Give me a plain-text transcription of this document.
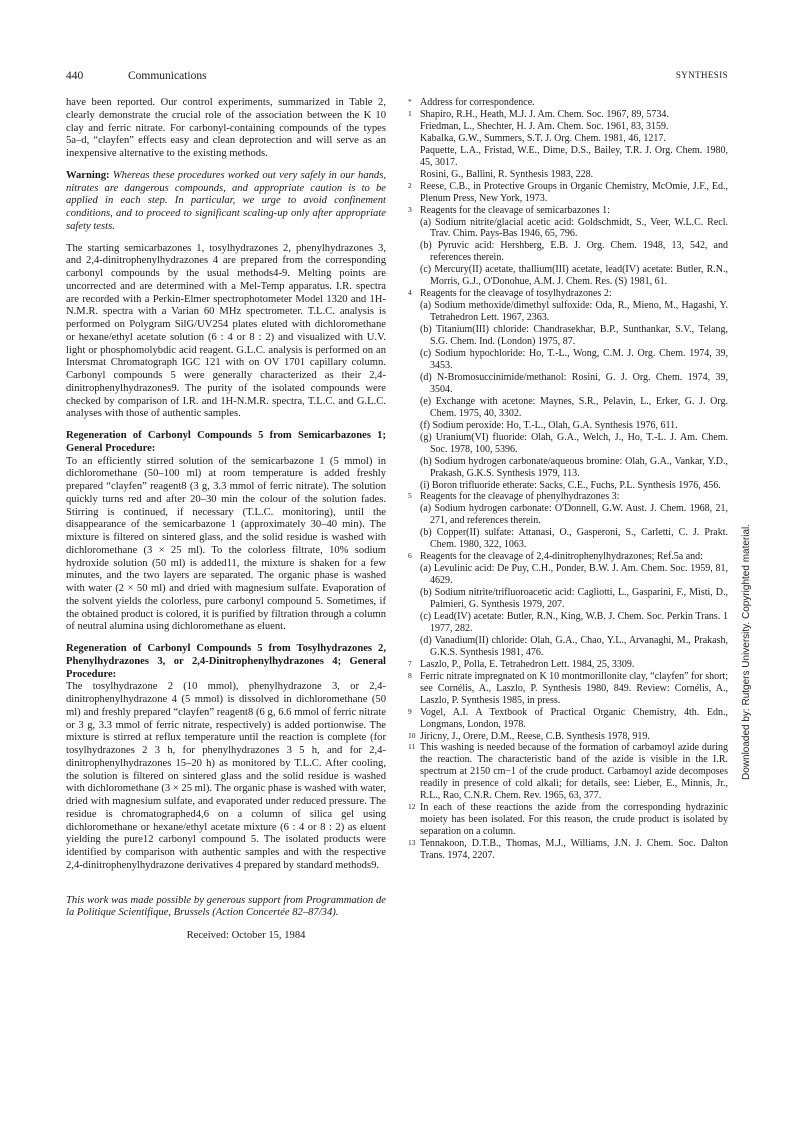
440	Communications	SYNTHESIS

have been reported. Our control experiments, summarized in Table 2, clearly demonstrate the crucial role of the association between the K 10 clay and ferric nitrate. For carbonyl-containing compounds of the types 5a–d, “clayfen” effects easy and clean deprotection and will serve as an inexpensive alternative to the existing methods.

Warning: Whereas these procedures worked out very safely in our hands, nitrates are dangerous compounds, and appropriate caution is to be applied in each step. In particular, we urge to avoid confinement conditions, and to proceed to significant scaling-up only after appropriate safety tests.

The starting semicarbazones 1, tosylhydrazones 2, phenylhydrazones 3, and 2,4-dinitrophenylhydrazones 4 are prepared from the corresponding carbonyl compounds by the usual methods4-9. Melting points are uncorrected and are determined with a Mel-Temp apparatus. I.R. spectra are recorded with a Perkin-Elmer spectrophotometer Model 1320 and 1H-N.M.R. spectra with a Varian 60 MHz spectrometer. T.L.C. analysis is performed on Polygram SilG/UV254 plates eluted with dichloromethane or hexane/ethyl acetate solution (6 : 4 or 8 : 2) and visualized with U.V. light or phosphomolybdic acid reagent. G.L.C. analysis is performed on an Intersmat Chromatograph IGC 121 with on OV 1701 capillary column. Carbonyl compounds 5 were generally characterized as their 2,4-dinitrophenylhydrazones9. The purity of the isolated compounds were checked by comparison of I.R. and 1H-N.M.R. spectra, T.L.C. and G.L.C. analyses with those of authentic samples.

Regeneration of Carbonyl Compounds 5 from Semicarbazones 1; General Procedure:

To an efficiently stirred solution of the semicarbazone 1 (5 mmol) in dichloromethane (50–100 ml) at room temperature is added freshly prepared “clayfen” reagent8 (3 g, 3.3 mmol of ferric nitrate). The solution quickly turns red and after 20–30 min the colour of the solution fades. Stirring is continued, if necessary (T.L.C. monitoring), until the disappearance of the semicarbazone 1 (approximately 30–40 min). The mixture is filtered on sintered glass, and the solid residue is washed with dichloromethane (3 × 25 ml). To the colorless filtrate, 10% sodium hydroxide solution (50 ml) is added11, the mixture is shaken for a few minutes, and the two layers are separated. The organic phase is washed with water (2 × 50 ml) and dried with magnesium sulfate. Evaporation of the solvent yields the colorless, pure carbonyl compound 5. Sometimes, if the obtained product is colored, it is purified by filtration through a column of neutral alumina using dichloromethane as eluent.

Regeneration of Carbonyl Compounds 5 from Tosylhydrazones 2, Phenylhydrazones 3, or 2,4-Dinitrophenylhydrazones 4; General Procedure:

The tosylhydrazone 2 (10 mmol), phenylhydrazone 3, or 2,4-dinitrophenylhydrazone 4 (5 mmol) is dissolved in dichloromethane (50 ml) and freshly prepared “clayfen” reagent8 (6 g, 6.6 mmol of ferric nitrate or 3 g, 3.3 mmol of ferric nitrate, respectively) is added portionwise. The mixture is stirred at reflux temperature until the reaction is complete (for tosylhydrazones 2 3 h, for phenylhydrazones 3 5 h, and for 2,4-dinitrophenylhydrazones 15–20 h) as monitored by T.L.C. After cooling, the solution is filtered on sintered glass and the solid residue is washed with dichloromethane (3 × 25 ml). The organic phase is washed with water, dried with magnesium sulfate, and evaporated under reduced pressure. The residue is chromatographed4,6 on a column of silica gel using dichloromethane or hexane/ethyl acetate mixture (6 : 4 or 8 : 2) as eluent yielding the pure12 carbonyl compound 5. The isolated products were identified by comparison with authentic samples and with the respective 2,4-dinitrophenylhydrazone derivatives 4 prepared by standard methods9.

This work was made possible by generous support from Programmation de la Politique Scientifique, Brussels (Action Concertée 82–87/34).

Received: October 15, 1984

* Address for correspondence.
1 Shapiro, R.H., Heath, M.J. J. Am. Chem. Soc. 1967, 89, 5734.
Friedman, L., Shechter, H. J. Am. Chem. Soc. 1961, 83, 3159.
Kabalka, G.W., Summers, S.T. J. Org. Chem. 1981, 46, 1217.
Paquette, L.A., Fristad, W.E., Dime, D.S., Bailey, T.R. J. Org. Chem. 1980, 45, 3017.
Rosini, G., Ballini, R. Synthesis 1983, 228.
2 Reese, C.B., in Protective Groups in Organic Chemistry, McOmie, J.F., Ed., Plenum Press, New York, 1973.
3 Reagents for the cleavage of semicarbazones 1:
(a) Sodium nitrite/glacial acetic acid: Goldschmidt, S., Veer, W.L.C. Recl. Trav. Chim. Pays-Bas 1946, 65, 796.
(b) Pyruvic acid: Hershberg, E.B. J. Org. Chem. 1948, 13, 542, and references therein.
(c) Mercury(II) acetate, thallium(III) acetate, lead(IV) acetate: Butler, R.N., Morris, G.J., O'Donohue, A.M. J. Chem. Res. (S) 1981, 61.
4 Reagents for the cleavage of tosylhydrazones 2:
(a) Sodium methoxide/dimethyl sulfoxide: Oda, R., Mieno, M., Hagashi, Y. Tetrahedron Lett. 1967, 2363.
(b) Titanium(III) chloride: Chandrasekhar, B.P., Sunthankar, S.V., Telang, S.G. Chem. Ind. (London) 1975, 87.
(c) Sodium hypochloride: Ho, T.-L., Wong, C.M. J. Org. Chem. 1974, 39, 3453.
(d) N-Bromosuccinimide/methanol: Rosini, G. J. Org. Chem. 1974, 39, 3504.
(e) Exchange with acetone: Maynes, S.R., Pelavin, L., Erker, G. J. Org. Chem. 1975, 40, 3302.
(f) Sodium peroxide: Ho, T.-L., Olah, G.A. Synthesis 1976, 611.
(g) Uranium(VI) fluoride: Olah, G.A., Welch, J., Ho, T.-L. J. Am. Chem. Soc. 1978, 100, 5396.
(h) Sodium hydrogen carbonate/aqueous bromine: Olah, G.A., Vankar, Y.D., Prakash, G.K.S. Synthesis 1979, 113.
(i) Boron trifluoride etherate: Sacks, C.E., Fuchs, P.L. Synthesis 1976, 456.
5 Reagents for the cleavage of phenylhydrazones 3:
(a) Sodium hydrogen carbonate: O'Donnell, G.W. Aust. J. Chem. 1968, 21, 271, and references therein.
(b) Copper(II) sulfate: Attanasi, O., Gasperoni, S., Carletti, C. J. Prakt. Chem. 1980, 322, 1063.
6 Reagents for the cleavage of 2,4-dinitrophenylhydrazones; Ref.5a and:
(a) Levulinic acid: De Puy, C.H., Ponder, B.W. J. Am. Chem. Soc. 1959, 81, 4629.
(b) Sodium nitrite/trifluoroacetic acid: Cagliotti, L., Gasparini, F., Misti, D., Palmieri, G. Synthesis 1979, 207.
(c) Lead(IV) acetate: Butler, R.N., King, W.B. J. Chem. Soc. Perkin Trans. 1 1977, 282.
(d) Vanadium(II) chloride: Olah, G.A., Chao, Y.L., Arvanaghi, M., Prakash, G.K.S. Synthesis 1981, 476.
7 Laszlo, P., Polla, E. Tetrahedron Lett. 1984, 25, 3309.
8 Ferric nitrate impregnated on K 10 montmorillonite clay, “clayfen” for short; see Cornélis, A., Laszlo, P. Synthesis 1980, 849. Review: Cornélis, A., Laszlo, P. Synthesis 1985, in press.
9 Vogel, A.I. A Textbook of Practical Organic Chemistry, 4th. Edn., Longmans, London, 1978.
10 Jiricny, J., Orere, D.M., Reese, C.B. Synthesis 1978, 919.
11 This washing is needed because of the formation of carbamoyl azide during the reaction. The characteristic band of the azide is visible in the I.R. spectrum at 2150 cm−1 of the crude product. Carbamoyl azide decomposes readily in presence of cold alkali; for details, see: Lieber, E., Minnis, Jr., R.L., Rao, C.N.R. Chem. Rev. 1965, 63, 377.
12 In each of these reactions the azide from the corresponding hydrazinic moiety has been isolated. For this reason, the crude product is isolated by separation on a column.
13 Tennakoon, D.T.B., Thomas, M.J., Williams, J.N. J. Chem. Soc. Dalton Trans. 1974, 2207.
Downloaded by: Rutgers University. Copyrighted material.
